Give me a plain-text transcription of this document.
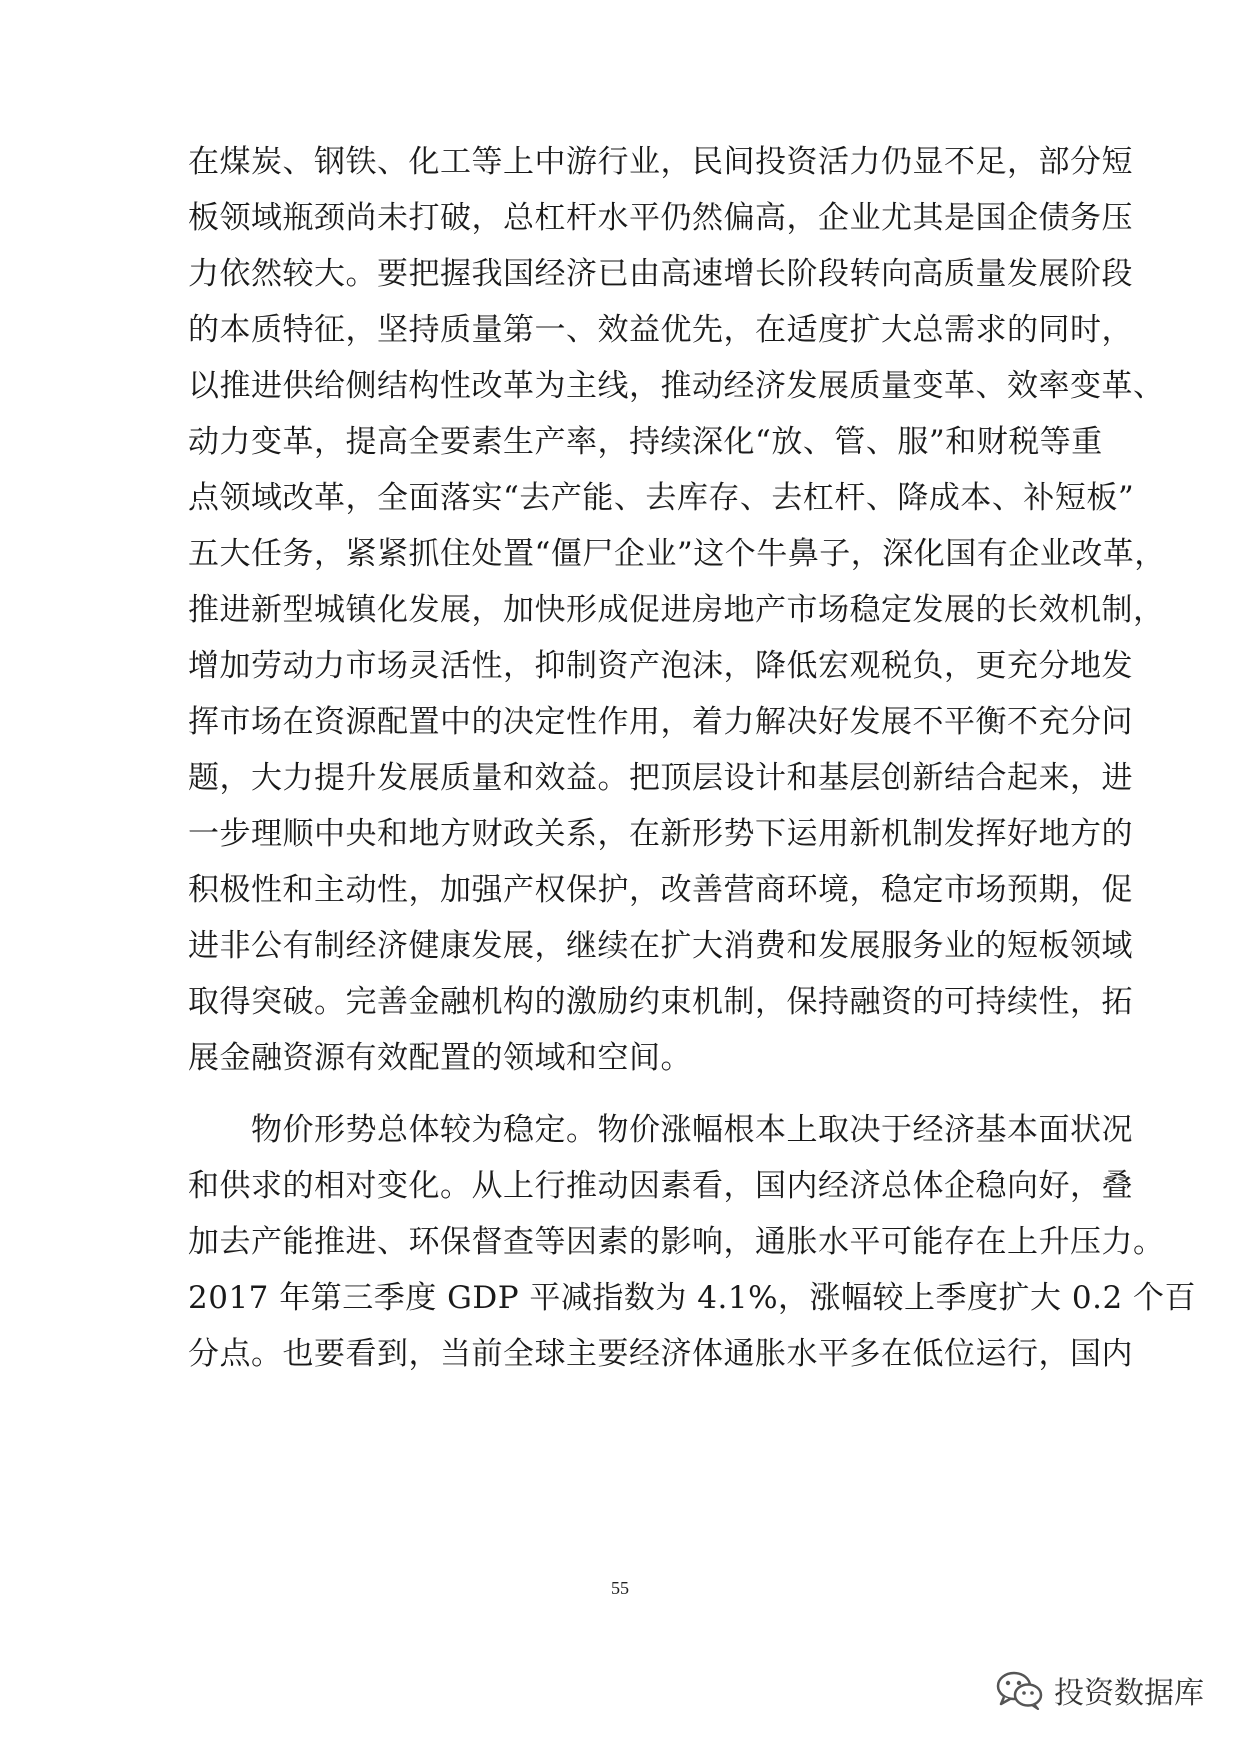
在煤炭、钢铁、化工等上中游行业，民间投资活力仍显不足，部分短
板领域瓶颈尚未打破，总杠杆水平仍然偏高，企业尤其是国企债务压
力依然较大。要把握我国经济已由高速增长阶段转向高质量发展阶段
的本质特征，坚持质量第一、效益优先，在适度扩大总需求的同时，
以推进供给侧结构性改革为主线，推动经济发展质量变革、效率变革、
动力变革，提高全要素生产率，持续深化“放、管、服”和财税等重
点领域改革，全面落实“去产能、去库存、去杠杆、降成本、补短板”
五大任务，紧紧抓住处置“僵尸企业”这个牛鼻子，深化国有企业改革，
推进新型城镇化发展，加快形成促进房地产市场稳定发展的长效机制，
增加劳动力市场灵活性，抑制资产泡沫，降低宏观税负，更充分地发
挥市场在资源配置中的决定性作用，着力解决好发展不平衡不充分问
题，大力提升发展质量和效益。把顶层设计和基层创新结合起来，进
一步理顺中央和地方财政关系，在新形势下运用新机制发挥好地方的
积极性和主动性，加强产权保护，改善营商环境，稳定市场预期，促
进非公有制经济健康发展，继续在扩大消费和发展服务业的短板领域
取得突破。完善金融机构的激励约束机制，保持融资的可持续性，拓
展金融资源有效配置的领域和空间。
　　物价形势总体较为稳定。物价涨幅根本上取决于经济基本面状况
和供求的相对变化。从上行推动因素看，国内经济总体企稳向好，叠
加去产能推进、环保督查等因素的影响，通胀水平可能存在上升压力。
2017 年第三季度 GDP 平减指数为 4.1%，涨幅较上季度扩大 0.2 个百
分点。也要看到，当前全球主要经济体通胀水平多在低位运行，国内
55
投资数据库
